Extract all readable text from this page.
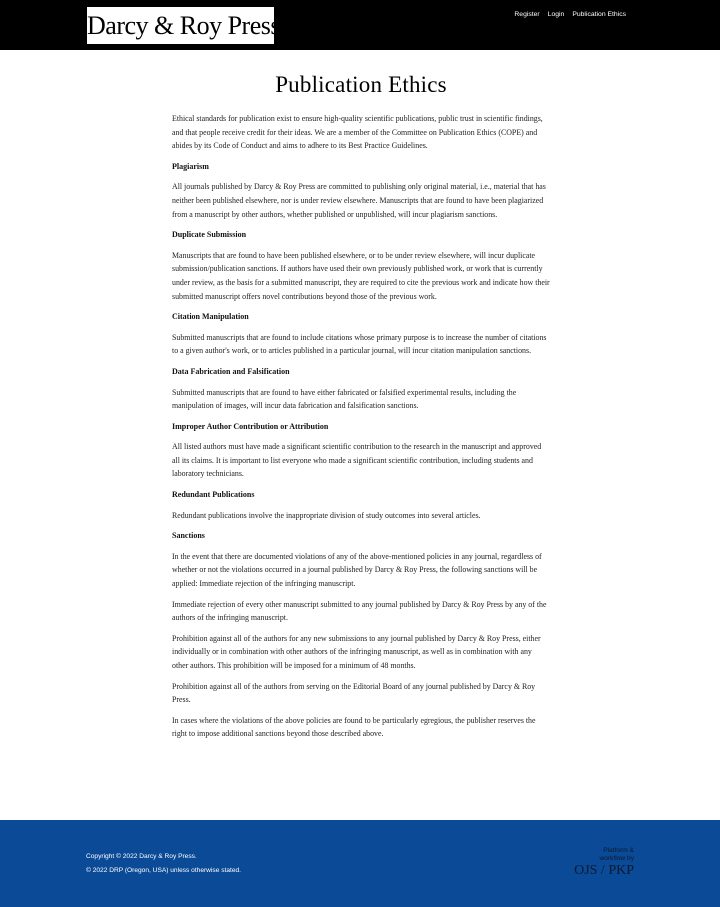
Darcy & Roy Press	Register Login Publication Ethics
Publication Ethics

Ethical standards for publication exist to ensure high-quality scientific publications, public trust in scientific findings, and that people receive credit for their ideas. We are a member of the Committee on Publication Ethics (COPE) and abides by its Code of Conduct and aims to adhere to its Best Practice Guidelines.

Plagiarism

All journals published by Darcy & Roy Press are committed to publishing only original material, i.e., material that has neither been published elsewhere, nor is under review elsewhere. Manuscripts that are found to have been plagiarized from a manuscript by other authors, whether published or unpublished, will incur plagiarism sanctions.

Duplicate Submission

Manuscripts that are found to have been published elsewhere, or to be under review elsewhere, will incur duplicate submission/publication sanctions. If authors have used their own previously published work, or work that is currently under review, as the basis for a submitted manuscript, they are required to cite the previous work and indicate how their submitted manuscript offers novel contributions beyond those of the previous work.

Citation Manipulation

Submitted manuscripts that are found to include citations whose primary purpose is to increase the number of citations to a given author's work, or to articles published in a particular journal, will incur citation manipulation sanctions.

Data Fabrication and Falsification

Submitted manuscripts that are found to have either fabricated or falsified experimental results, including the manipulation of images, will incur data fabrication and falsification sanctions.

Improper Author Contribution or Attribution

All listed authors must have made a significant scientific contribution to the research in the manuscript and approved all its claims. It is important to list everyone who made a significant scientific contribution, including students and laboratory technicians.

Redundant Publications

Redundant publications involve the inappropriate division of study outcomes into several articles.

Sanctions

In the event that there are documented violations of any of the above-mentioned policies in any journal, regardless of whether or not the violations occurred in a journal published by Darcy & Roy Press, the following sanctions will be applied: Immediate rejection of the infringing manuscript.

Immediate rejection of every other manuscript submitted to any journal published by Darcy & Roy Press by any of the authors of the infringing manuscript.

Prohibition against all of the authors for any new submissions to any journal published by Darcy & Roy Press, either individually or in combination with other authors of the infringing manuscript, as well as in combination with any other authors. This prohibition will be imposed for a minimum of 48 months.

Prohibition against all of the authors from serving on the Editorial Board of any journal published by Darcy & Roy Press.

In cases where the violations of the above policies are found to be particularly egregious, the publisher reserves the right to impose additional sanctions beyond those described above.

Copyright © 2022 Darcy & Roy Press.
© 2022 DRP (Oregon, USA) unless otherwise stated.
Platform &
workflow by
OJS / PKP
